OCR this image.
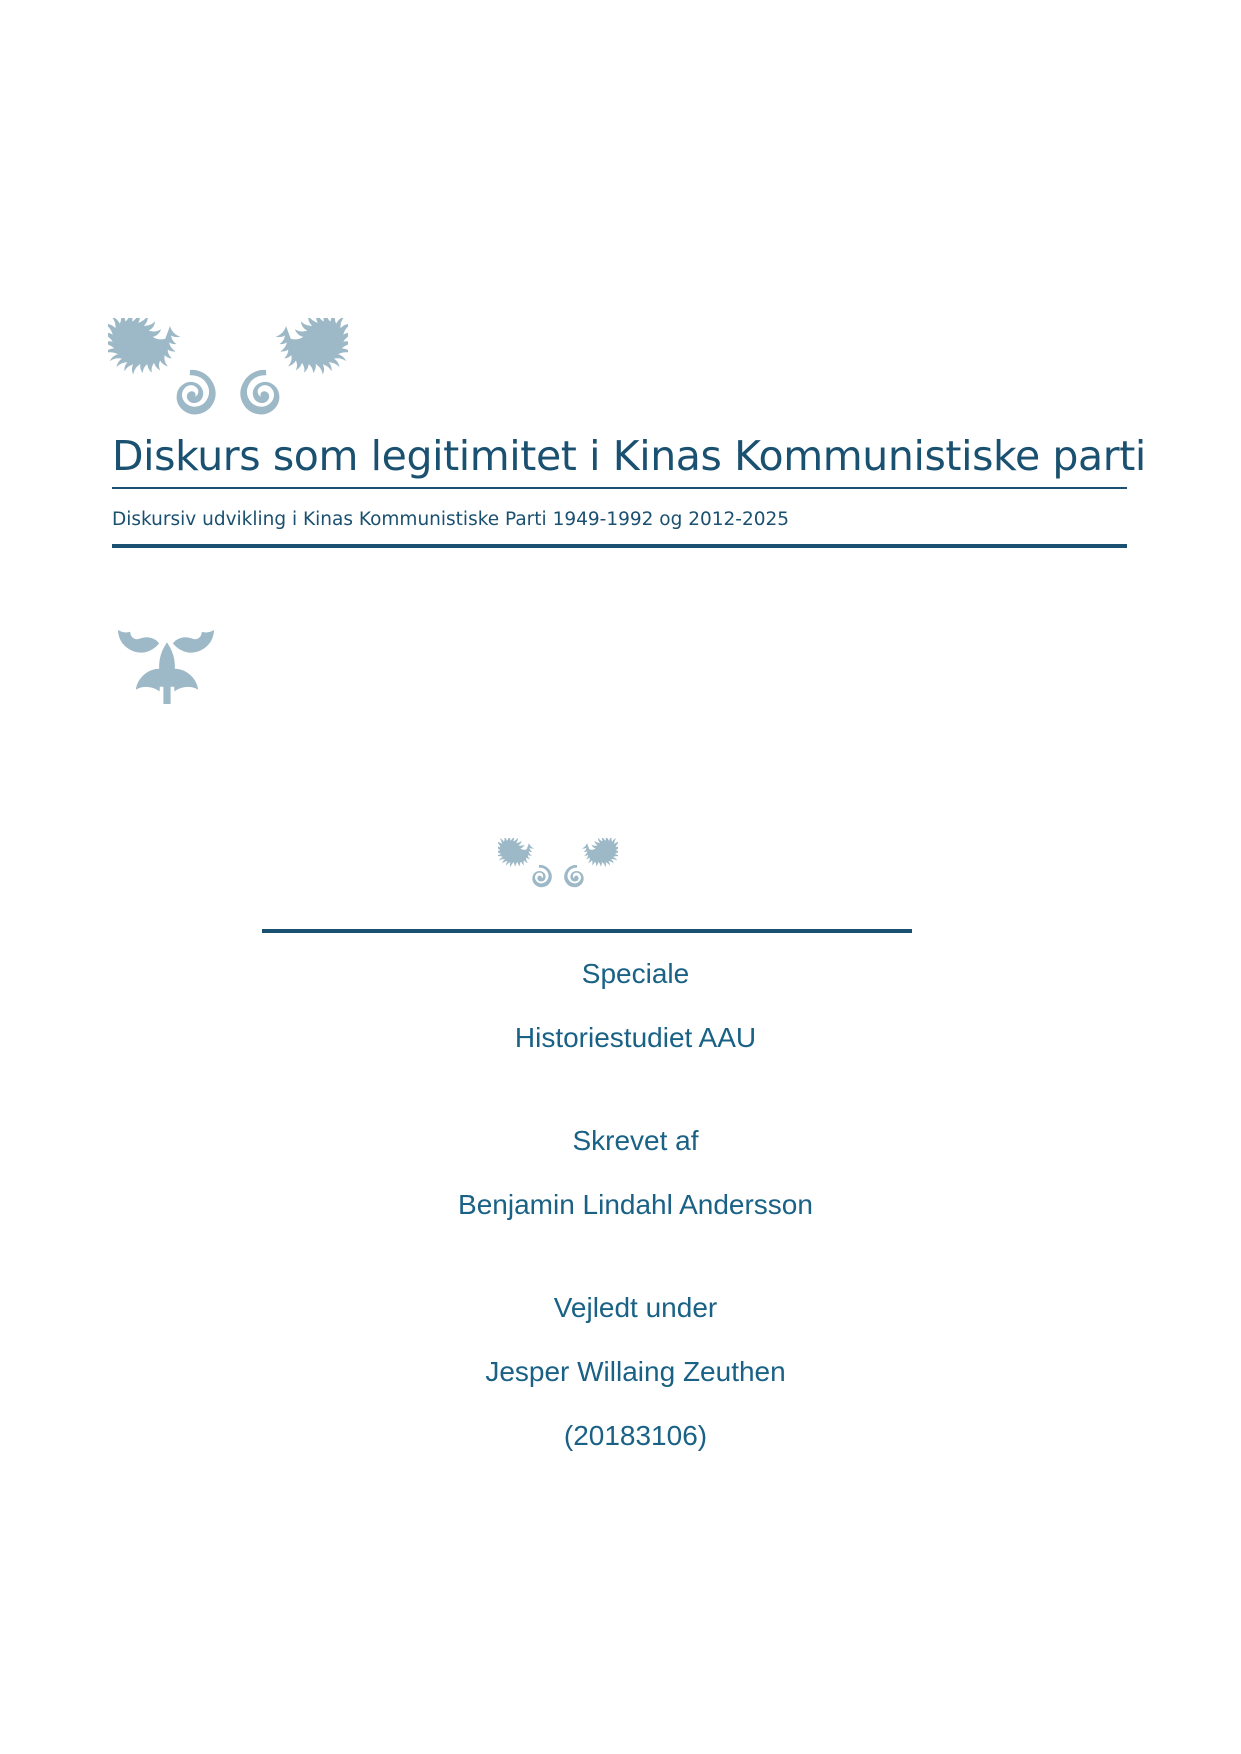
Diskurs som legitimitet i Kinas Kommunistiske parti
Diskursiv udvikling i Kinas Kommunistiske Parti 1949-1992 og 2012-2025
Speciale
Historiestudiet AAU
Skrevet af
Benjamin Lindahl Andersson
Vejledt under
Jesper Willaing Zeuthen
(20183106)
